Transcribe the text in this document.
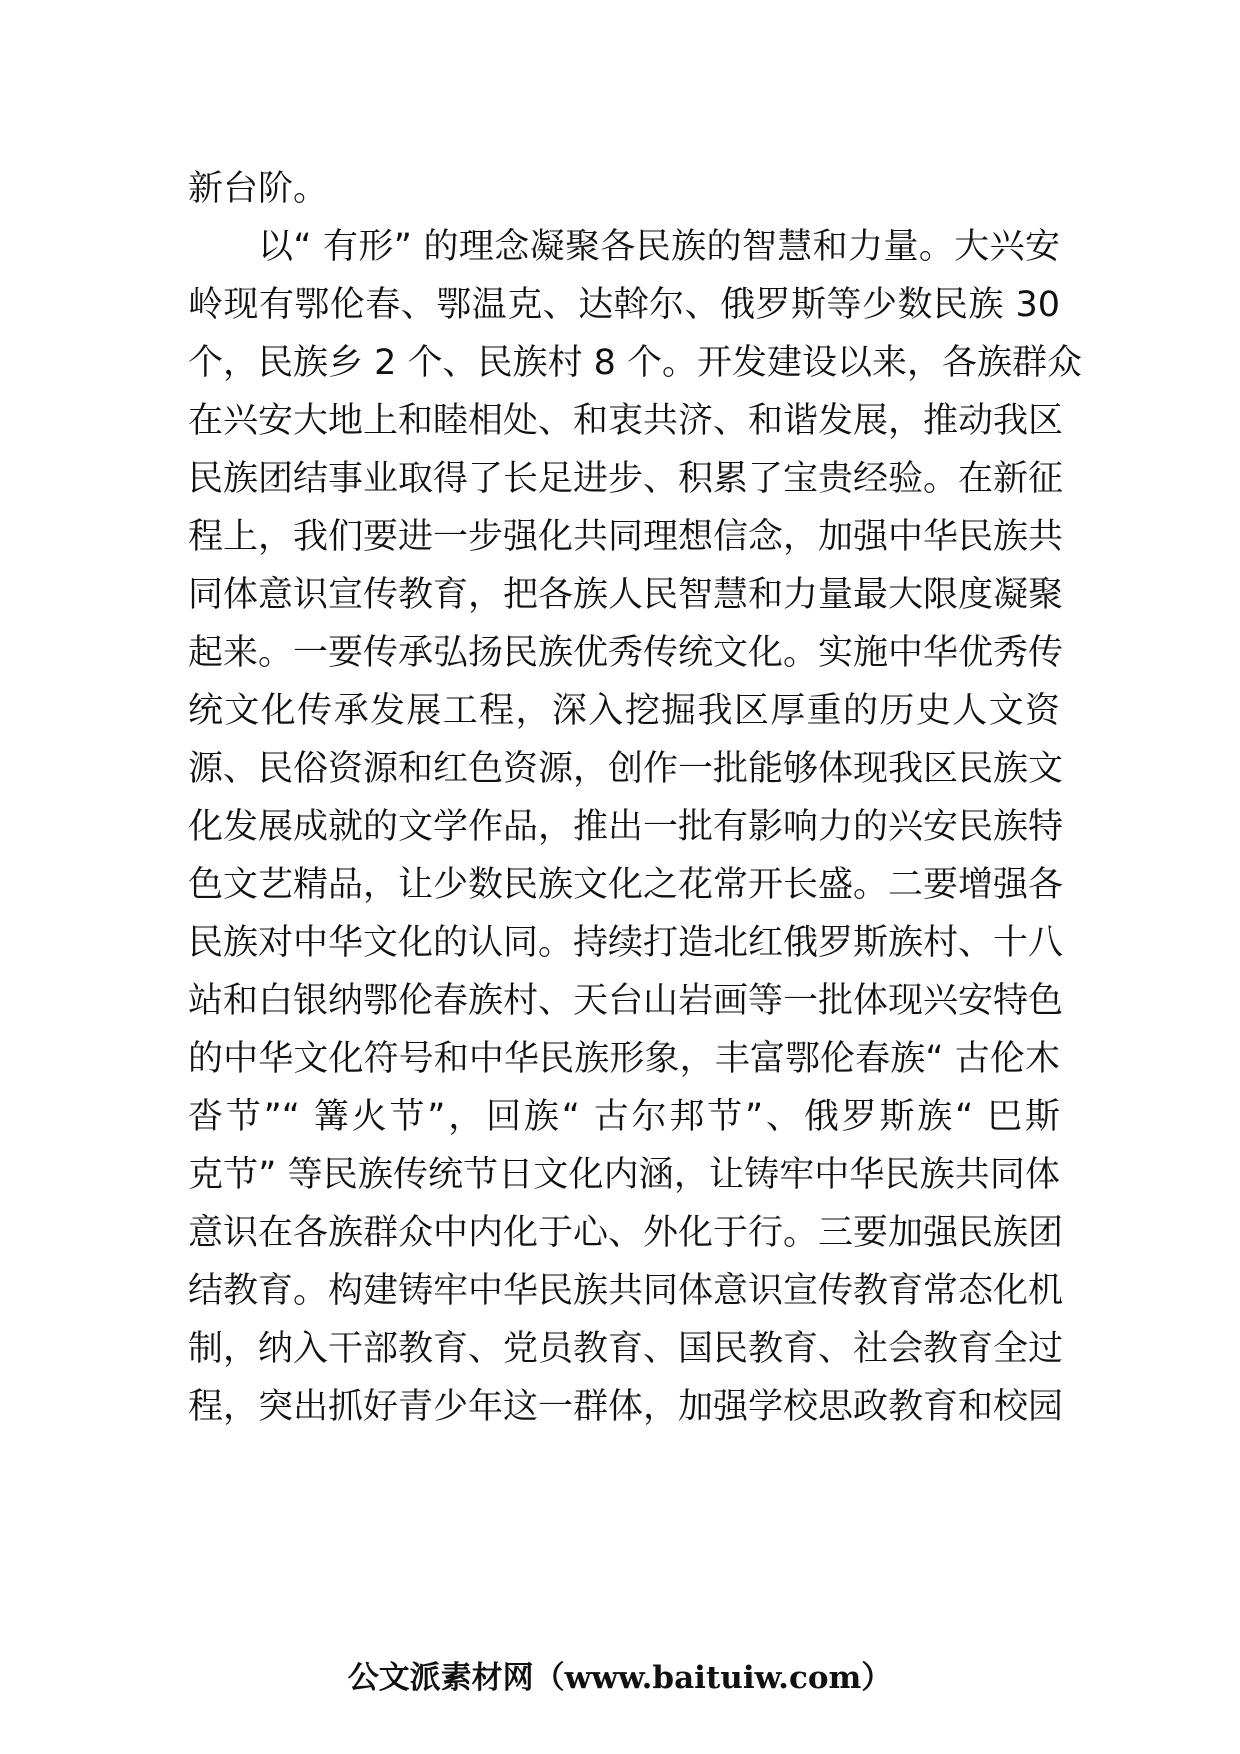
新台阶。
以“ 有形” 的理念凝聚各民族的智慧和力量。大兴安
岭现有鄂伦春、鄂温克、达斡尔、俄罗斯等少数民族 30
个，民族乡 2 个、民族村 8 个。开发建设以来，各族群众
在兴安大地上和睦相处、和衷共济、和谐发展，推动我区
民族团结事业取得了长足进步、积累了宝贵经验。在新征
程上，我们要进一步强化共同理想信念，加强中华民族共
同体意识宣传教育，把各族人民智慧和力量最大限度凝聚
起来。一要传承弘扬民族优秀传统文化。实施中华优秀传
统文化传承发展工程，深入挖掘我区厚重的历史人文资
源、民俗资源和红色资源，创作一批能够体现我区民族文
化发展成就的文学作品，推出一批有影响力的兴安民族特
色文艺精品，让少数民族文化之花常开长盛。二要增强各
民族对中华文化的认同。持续打造北红俄罗斯族村、十八
站和白银纳鄂伦春族村、天台山岩画等一批体现兴安特色
的中华文化符号和中华民族形象，丰富鄂伦春族“ 古伦木
沓节”“ 篝火节”，回族“ 古尔邦节”、俄罗斯族“ 巴斯
克节” 等民族传统节日文化内涵，让铸牢中华民族共同体
意识在各族群众中内化于心、外化于行。三要加强民族团
结教育。构建铸牢中华民族共同体意识宣传教育常态化机
制，纳入干部教育、党员教育、国民教育、社会教育全过
程，突出抓好青少年这一群体，加强学校思政教育和校园
公文派素材网（www.baituiw.com）
